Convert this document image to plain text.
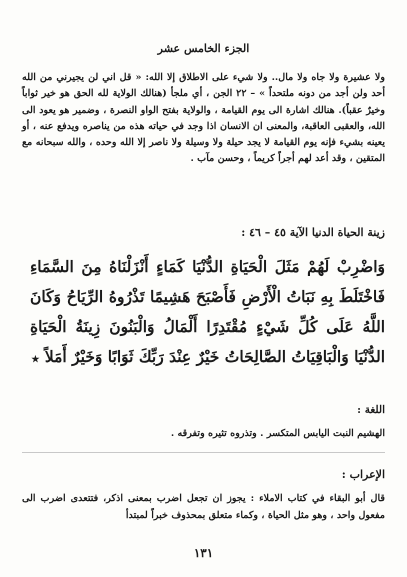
الجزء الخامس عشر

ولا عشيرة ولا جاه ولا مال.. ولا شيء على الاطلاق إلا الله: « قل اني لن يجيرني من الله أحد ولن أجد من دونه ملتحداً » – ٢٢ الجن ، أي ملجأ (هنالك الولاية لله الحق هو خير ثواباً وخيرٌ عقباً). هنالك اشارة الى يوم القيامة ، والولاية بفتح الواو النصرة ، وضمير هو يعود الى الله، والعقبى العاقبة، والمعنى ان الانسان اذا وجد في حياته هذه من يناصره ويدفع عنه ، أو يعينه بشيء فإنه يوم القيامة لا يجد حيلة ولا وسيلة ولا ناصر إلا الله وحده ، والله سبحانه مع المتقين ، وقد أعد لهم أجراً كريماً ، وحسن مآب .

زينة الحياة الدنيا الآية ٤٥ – ٤٦ :

وَاضْرِبْ لَهُمْ مَثَلَ الْحَيَاةِ الدُّنْيَا كَمَاءٍ أَنْزَلْنَاهُ مِنَ السَّمَاءِ فَاخْتَلَطَ بِهِ نَبَاتُ الْأَرْضِ فَأَصْبَحَ هَشِيمًا تَذْرُوهُ الرِّيَاحُ وَكَانَ اللَّهُ عَلَى كُلِّ شَيْءٍ مُقْتَدِرًا أَلْمَالُ وَالْبَنُونَ زِينَةُ الْحَيَاةِ الدُّنْيَا وَالْبَاقِيَاتُ الصَّالِحَاتُ خَيْرٌ عِنْدَ رَبِّكَ ثَوَابًا وَخَيْرٌ أَمَلاً ★

اللغة :

الهشيم النبت اليابس المتكسر . وتذروه تثيره وتفرقه .

الإعراب :

قال أبو البقاء في كتاب الاملاء : يجوز ان تجعل اضرب بمعنى اذكر، فتتعدى اضرب الى مفعول واحد ، وهو مثل الحياة ، وكماء متعلق بمحذوف خبراً لمبتدأ

١٣١
